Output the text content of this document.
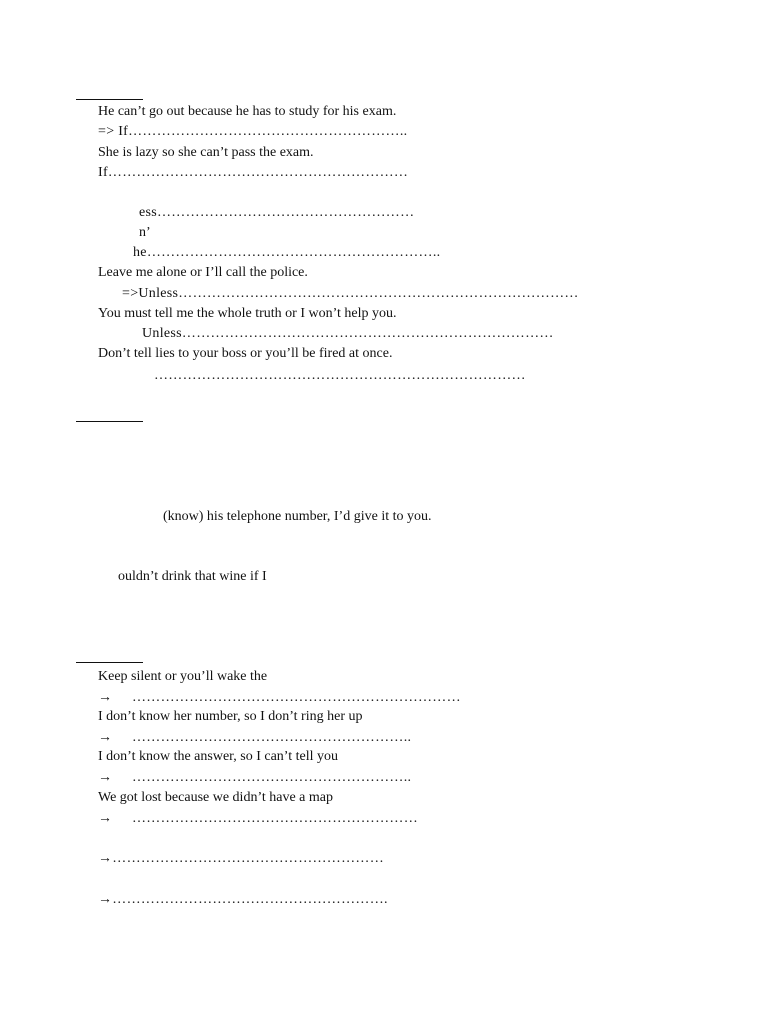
He can’t go out because he has to study for his exam.
=> If…………………………………………………..
She is lazy so she can’t pass the exam.
If………………………………………………………
ess………………………………………………
n’
he……………………………………………………..
Leave me alone or I’ll call the police.
=>Unless…………………………………………………………………………
You must tell me the whole truth or I won’t help you.
Unless……………………………………………………………………
Don’t tell lies to your boss or you’ll be fired at once.
……………………………………………………………………
(know) his telephone number, I’d give it to you.
ouldn’t drink that wine if I
Keep silent or you’ll wake the
→ ……………………………………………………………
I don’t know her number, so I don’t ring her up
→ …………………………………………………..
I don’t know the answer, so I can’t tell you
→ …………………………………………………..
We got lost because we didn’t have a map
→ ……………………………………………………
→…………………………………………………
→………………………………………………….
